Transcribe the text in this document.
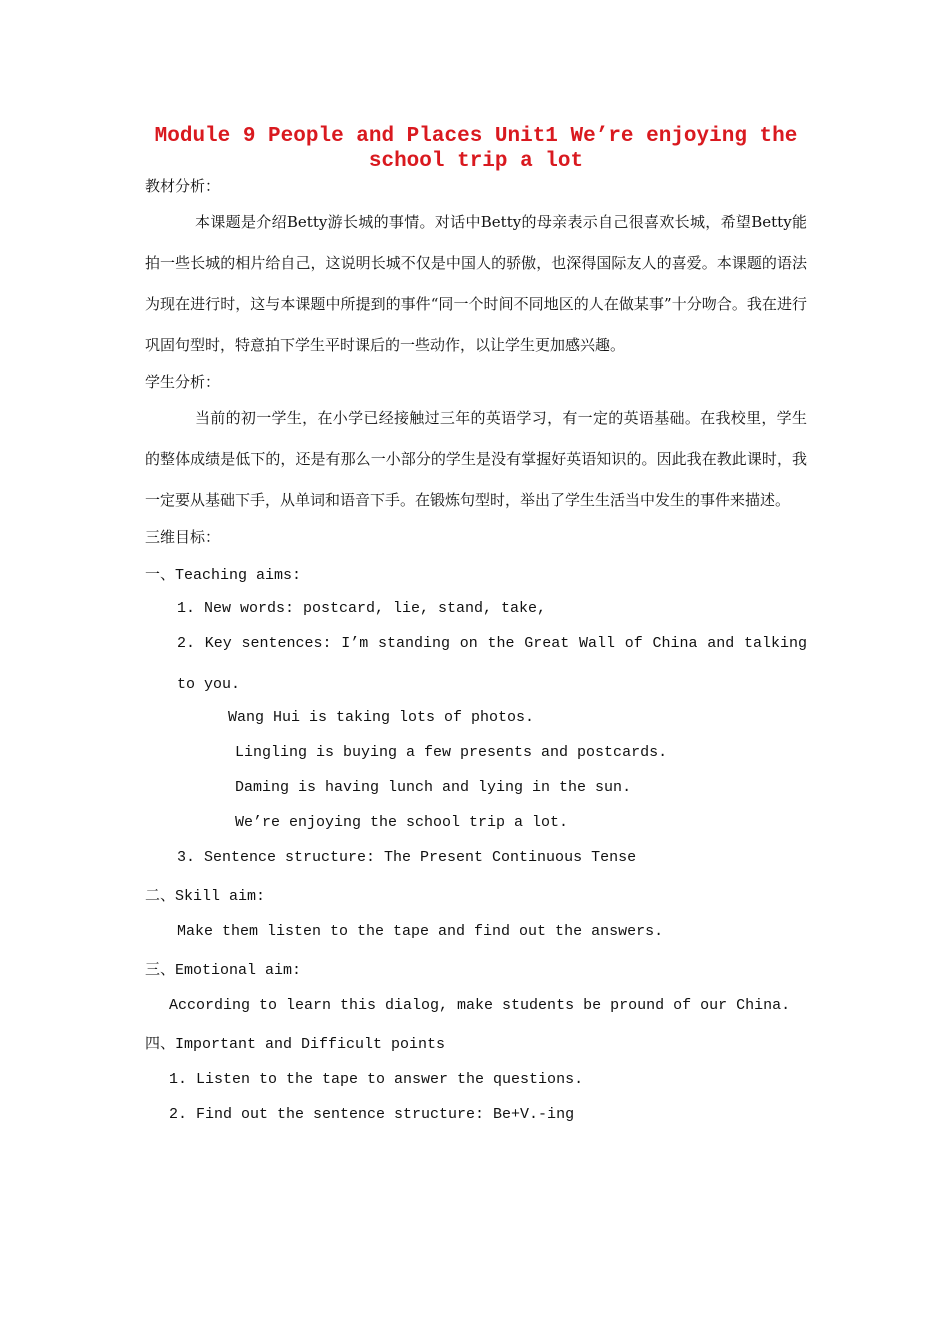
Module 9 People and Places Unit1 We’re enjoying the school trip a lot

教材分析：

本课题是介绍Betty游长城的事情。对话中Betty的母亲表示自己很喜欢长城，希望Betty能拍一些长城的相片给自己，这说明长城不仅是中国人的骄傲，也深得国际友人的喜爱。本课题的语法为现在进行时，这与本课题中所提到的事件“同一个时间不同地区的人在做某事”十分吻合。我在进行巩固句型时，特意拍下学生平时课后的一些动作，以让学生更加感兴趣。

学生分析：

当前的初一学生，在小学已经接触过三年的英语学习，有一定的英语基础。在我校里，学生的整体成绩是低下的，还是有那么一小部分的学生是没有掌握好英语知识的。因此我在教此课时，我一定要从基础下手，从单词和语音下手。在锻炼句型时，举出了学生生活当中发生的事件来描述。

三维目标：

一、Teaching aims:

1. New words: postcard, lie, stand, take,

2. Key sentences: I’m standing on the Great Wall of China and talking to you.

Wang Hui is taking lots of photos.

Lingling is buying a few presents and postcards.

Daming is having lunch and lying in the sun.

We’re enjoying the school trip a lot.

3. Sentence structure: The Present Continuous Tense

二、Skill aim:

Make them listen to the tape and find out the answers.

三、Emotional aim:

According to learn this dialog, make students be pround of our China.

四、Important and Difficult points

1. Listen to the tape to answer the questions.

2. Find out the sentence structure: Be+V.-ing
